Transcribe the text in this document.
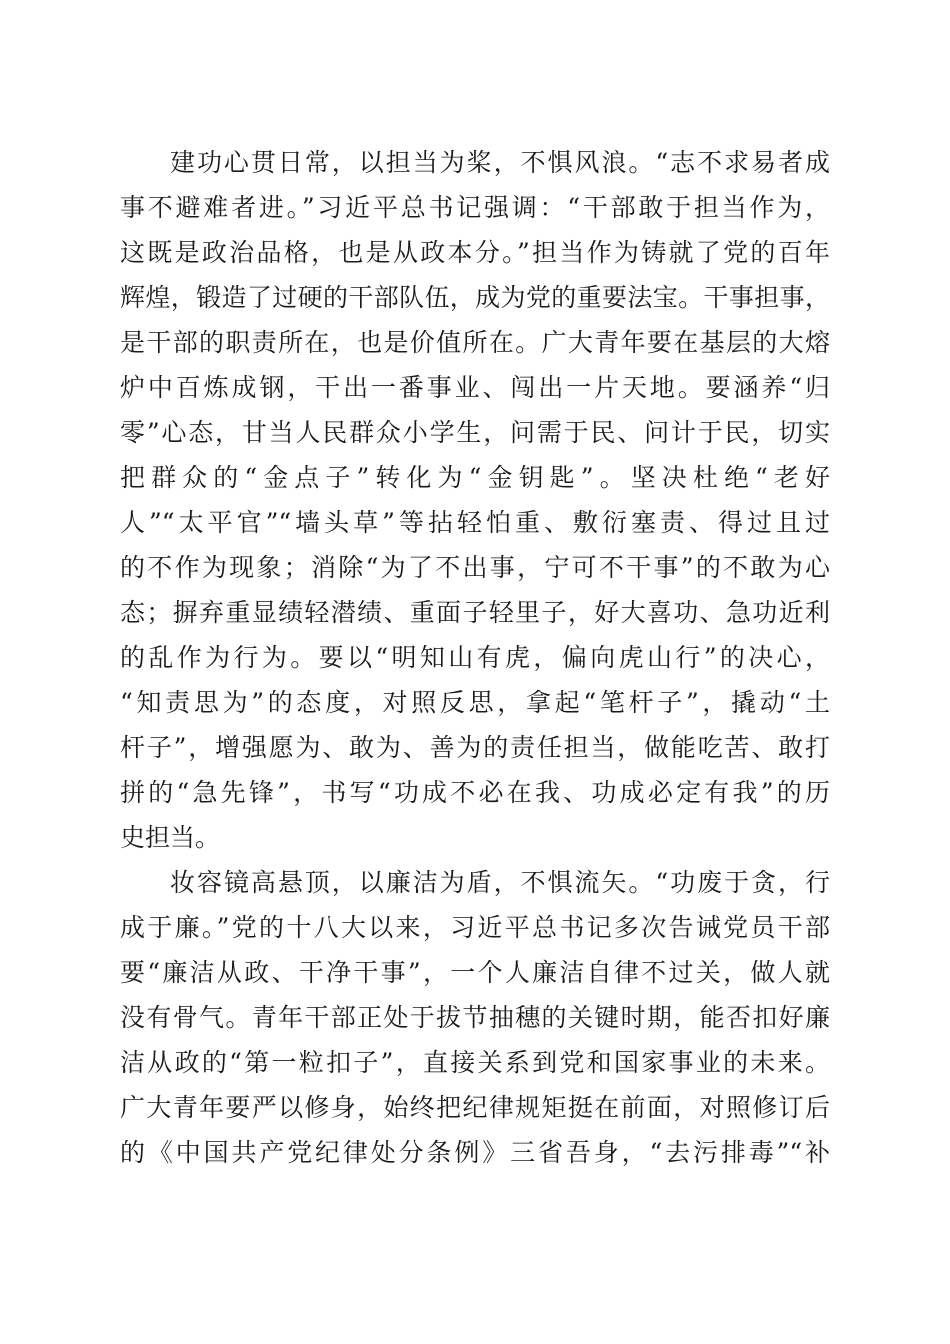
建功心贯日常，以担当为桨，不惧风浪。“志不求易者成
事不避难者进。”习近平总书记强调：“干部敢于担当作为，
这既是政治品格，也是从政本分。”担当作为铸就了党的百年
辉煌，锻造了过硬的干部队伍，成为党的重要法宝。干事担事，
是干部的职责所在，也是价值所在。广大青年要在基层的大熔
炉中百炼成钢，干出一番事业、闯出一片天地。要涵养“归
零”心态，甘当人民群众小学生，问需于民、问计于民，切实
把群众的“金点子”转化为“金钥匙”。坚决杜绝“老好
人”“太平官”“墙头草”等拈轻怕重、敷衍塞责、得过且过
的不作为现象；消除“为了不出事，宁可不干事”的不敢为心
态；摒弃重显绩轻潜绩、重面子轻里子，好大喜功、急功近利
的乱作为行为。要以“明知山有虎，偏向虎山行”的决心，
“知责思为”的态度，对照反思，拿起“笔杆子”，撬动“土
杆子”，增强愿为、敢为、善为的责任担当，做能吃苦、敢打
拼的“急先锋”，书写“功成不必在我、功成必定有我”的历
史担当。
妆容镜高悬顶，以廉洁为盾，不惧流矢。“功废于贪，行
成于廉。”党的十八大以来，习近平总书记多次告诫党员干部
要“廉洁从政、干净干事”，一个人廉洁自律不过关，做人就
没有骨气。青年干部正处于拔节抽穗的关键时期，能否扣好廉
洁从政的“第一粒扣子”，直接关系到党和国家事业的未来。
广大青年要严以修身，始终把纪律规矩挺在前面，对照修订后
的《中国共产党纪律处分条例》三省吾身，“去污排毒”“补
